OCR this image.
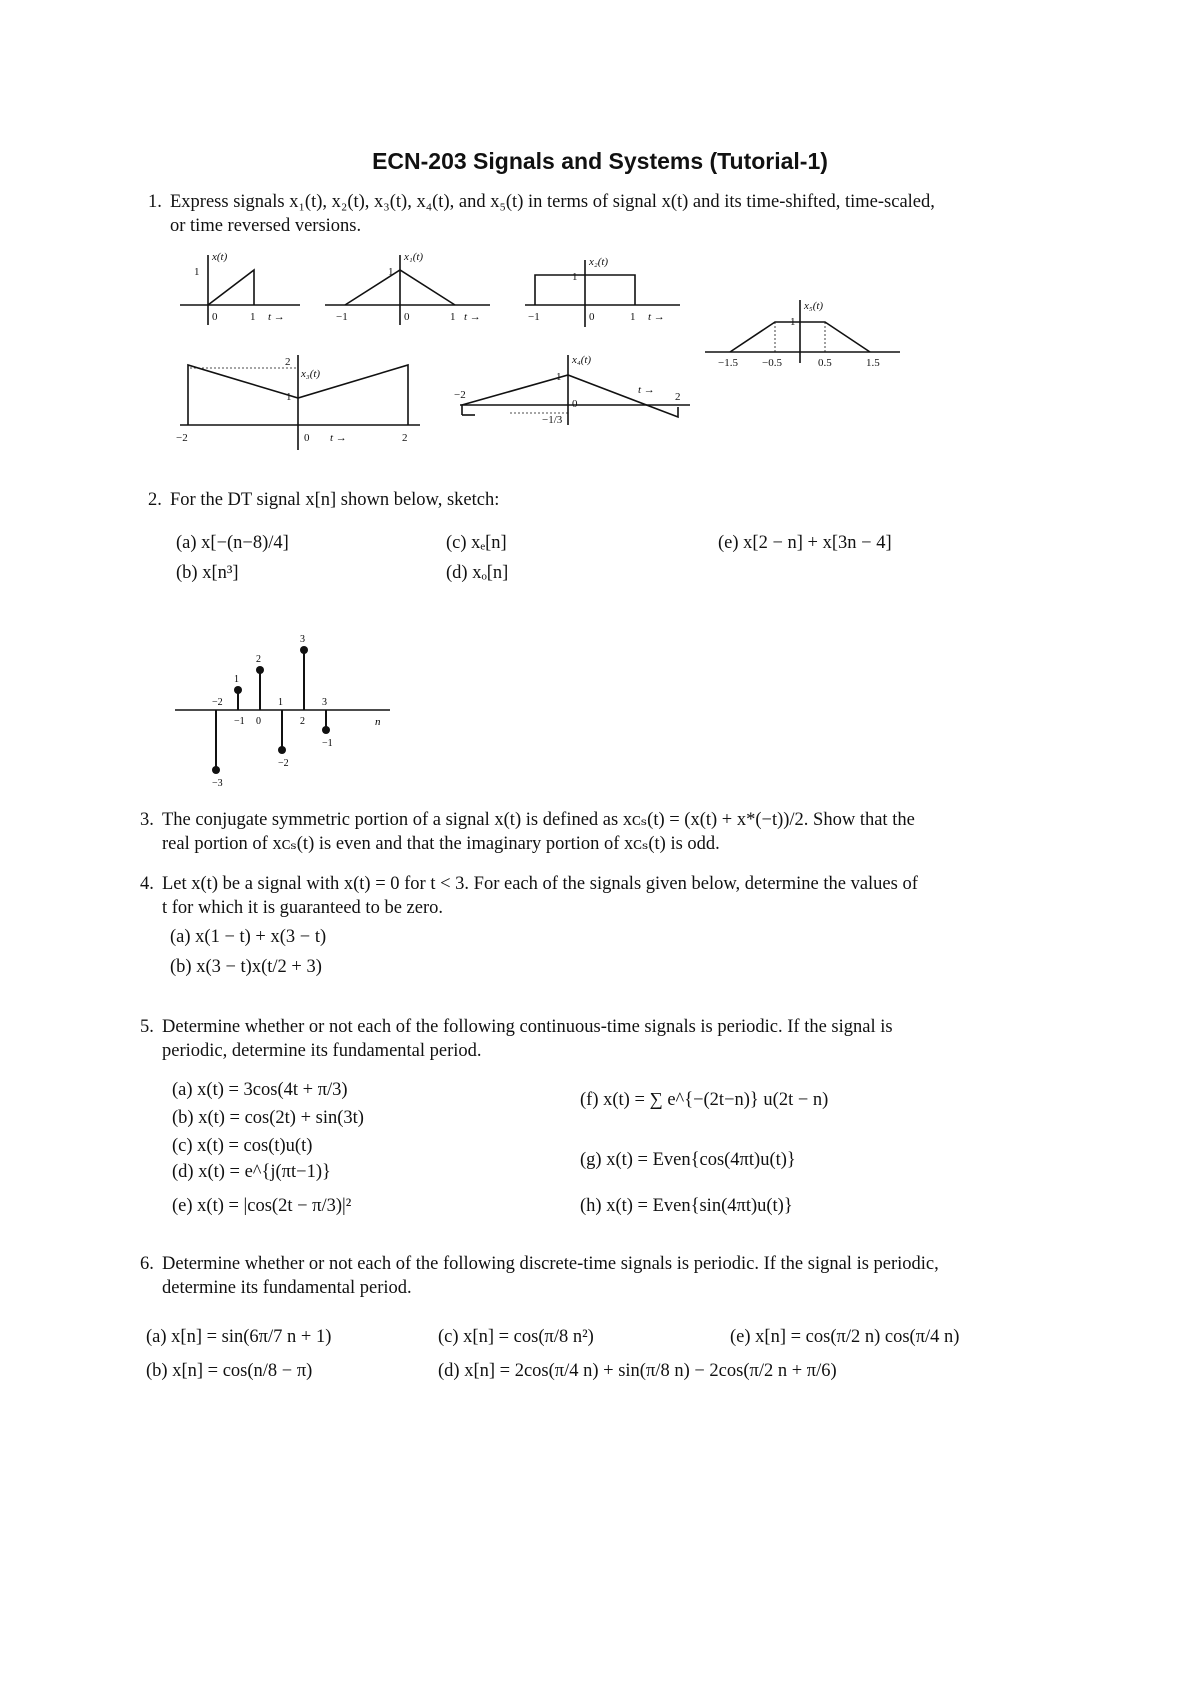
ECN-203 Signals and Systems (Tutorial-1)
1. Express signals x₁(t), x₂(t), x₃(t), x₄(t), and x₅(t) in terms of signal x(t) and its time-shifted, time-scaled,
or time reversed versions.
x(t)
1
0	1 t →
x₁(t)
1
−1	0	1 t →
x₂(t)
1
−1	0	1 t →
x₅(t)
1
−1.5 −0.5	0.5	1.5
x₃(t)
2
1
−2	0 t →	2
x₄(t)
1
−2
0
−1/3
t →
2
2. For the DT signal x[n] shown below, sketch:
(a) x[−(n−8)/4]
(b) x[n³]
(c) xₑ[n]
(d) xₒ[n]
(e) x[2 − n] + x[3n − 4]
n
−3
−2
1
−1
2
0
−2
1
3
2
−1
3
3. The conjugate symmetric portion of a signal x(t) is defined as xᴄₛ(t) = (x(t) + x*(−t))/2. Show that the
real portion of xᴄₛ(t) is even and that the imaginary portion of xᴄₛ(t) is odd.
4. Let x(t) be a signal with x(t) = 0 for t < 3. For each of the signals given below, determine the values of
t for which it is guaranteed to be zero.
(a) x(1 − t) + x(3 − t)
(b) x(3 − t)x(t/2 + 3)
5. Determine whether or not each of the following continuous-time signals is periodic. If the signal is
periodic, determine its fundamental period.
(a) x(t) = 3cos(4t + π/3)
(b) x(t) = cos(2t) + sin(3t)
(c) x(t) = cos(t)u(t)
(d) x(t) = e^{j(πt−1)}
(e) x(t) = |cos(2t − π/3)|²
(f) x(t) = ∑ e^{−(2t−n)} u(2t − n)
(g) x(t) = Even{cos(4πt)u(t)}
(h) x(t) = Even{sin(4πt)u(t)}
6. Determine whether or not each of the following discrete-time signals is periodic. If the signal is periodic,
determine its fundamental period.
(a) x[n] = sin(6π/7 n + 1)
(b) x[n] = cos(n/8 − π)
(c) x[n] = cos(π/8 n²)
(d) x[n] = 2cos(π/4 n) + sin(π/8 n) − 2cos(π/2 n + π/6)
(e) x[n] = cos(π/2 n) cos(π/4 n)
